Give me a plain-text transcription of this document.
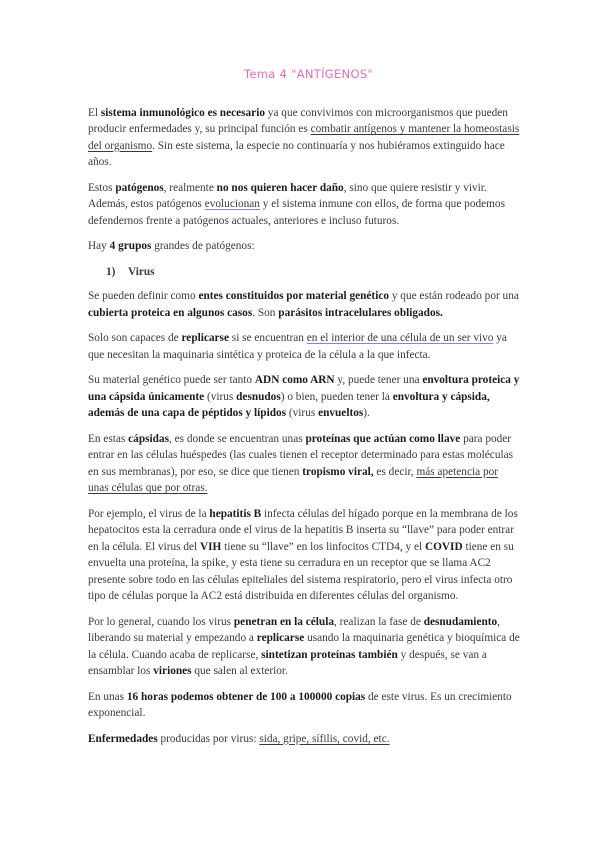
Tema 4 "ANTÍGENOS"

El sistema inmunológico es necesario ya que convivimos con microorganismos que pueden producir enfermedades y, su principal función es combatir antígenos y mantener la homeostasis del organismo. Sin este sistema, la especie no continuaría y nos hubiéramos extinguido hace años.

Estos patógenos, realmente no nos quieren hacer daño, sino que quiere resistir y vivir. Además, estos patógenos evolucionan y el sistema inmune con ellos, de forma que podemos defendernos frente a patógenos actuales, anteriores e incluso futuros.

Hay 4 grupos grandes de patógenos:

1) Virus

Se pueden definir como entes constituidos por material genético y que están rodeado por una cubierta proteica en algunos casos. Son parásitos intracelulares obligados.

Solo son capaces de replicarse si se encuentran en el interior de una célula de un ser vivo ya que necesitan la maquinaria sintética y proteica de la célula a la que infecta.

Su material genético puede ser tanto ADN como ARN y, puede tener una envoltura proteica y una cápsida únicamente (virus desnudos) o bien, pueden tener la envoltura y cápsida, además de una capa de péptidos y lípidos (virus envueltos).

En estas cápsidas, es donde se encuentran unas proteínas que actúan como llave para poder entrar en las células huéspedes (las cuales tienen el receptor determinado para estas moléculas en sus membranas), por eso, se dice que tienen tropismo viral, es decir, más apetencia por unas células que por otras.

Por ejemplo, el virus de la hepatitis B infecta células del hígado porque en la membrana de los hepatocitos esta la cerradura onde el virus de la hepatitis B inserta su “llave” para poder entrar en la célula. El virus del VIH tiene su “llave” en los linfocitos CTD4, y el COVID tiene en su envuelta una proteína, la spike, y esta tiene su cerradura en un receptor que se llama AC2 presente sobre todo en las células epiteliales del sistema respiratorio, pero el virus infecta otro tipo de células porque la AC2 está distribuida en diferentes células del organismo.

Por lo general, cuando los virus penetran en la célula, realizan la fase de desnudamiento, liberando su material y empezando a replicarse usando la maquinaria genética y bioquímica de la célula. Cuando acaba de replicarse, sintetizan proteínas también y después, se van a ensamblar los viriones que salen al exterior.

En unas 16 horas podemos obtener de 100 a 100000 copias de este virus. Es un crecimiento exponencial.

Enfermedades producidas por virus: sida, gripe, sífilis, covid, etc.
